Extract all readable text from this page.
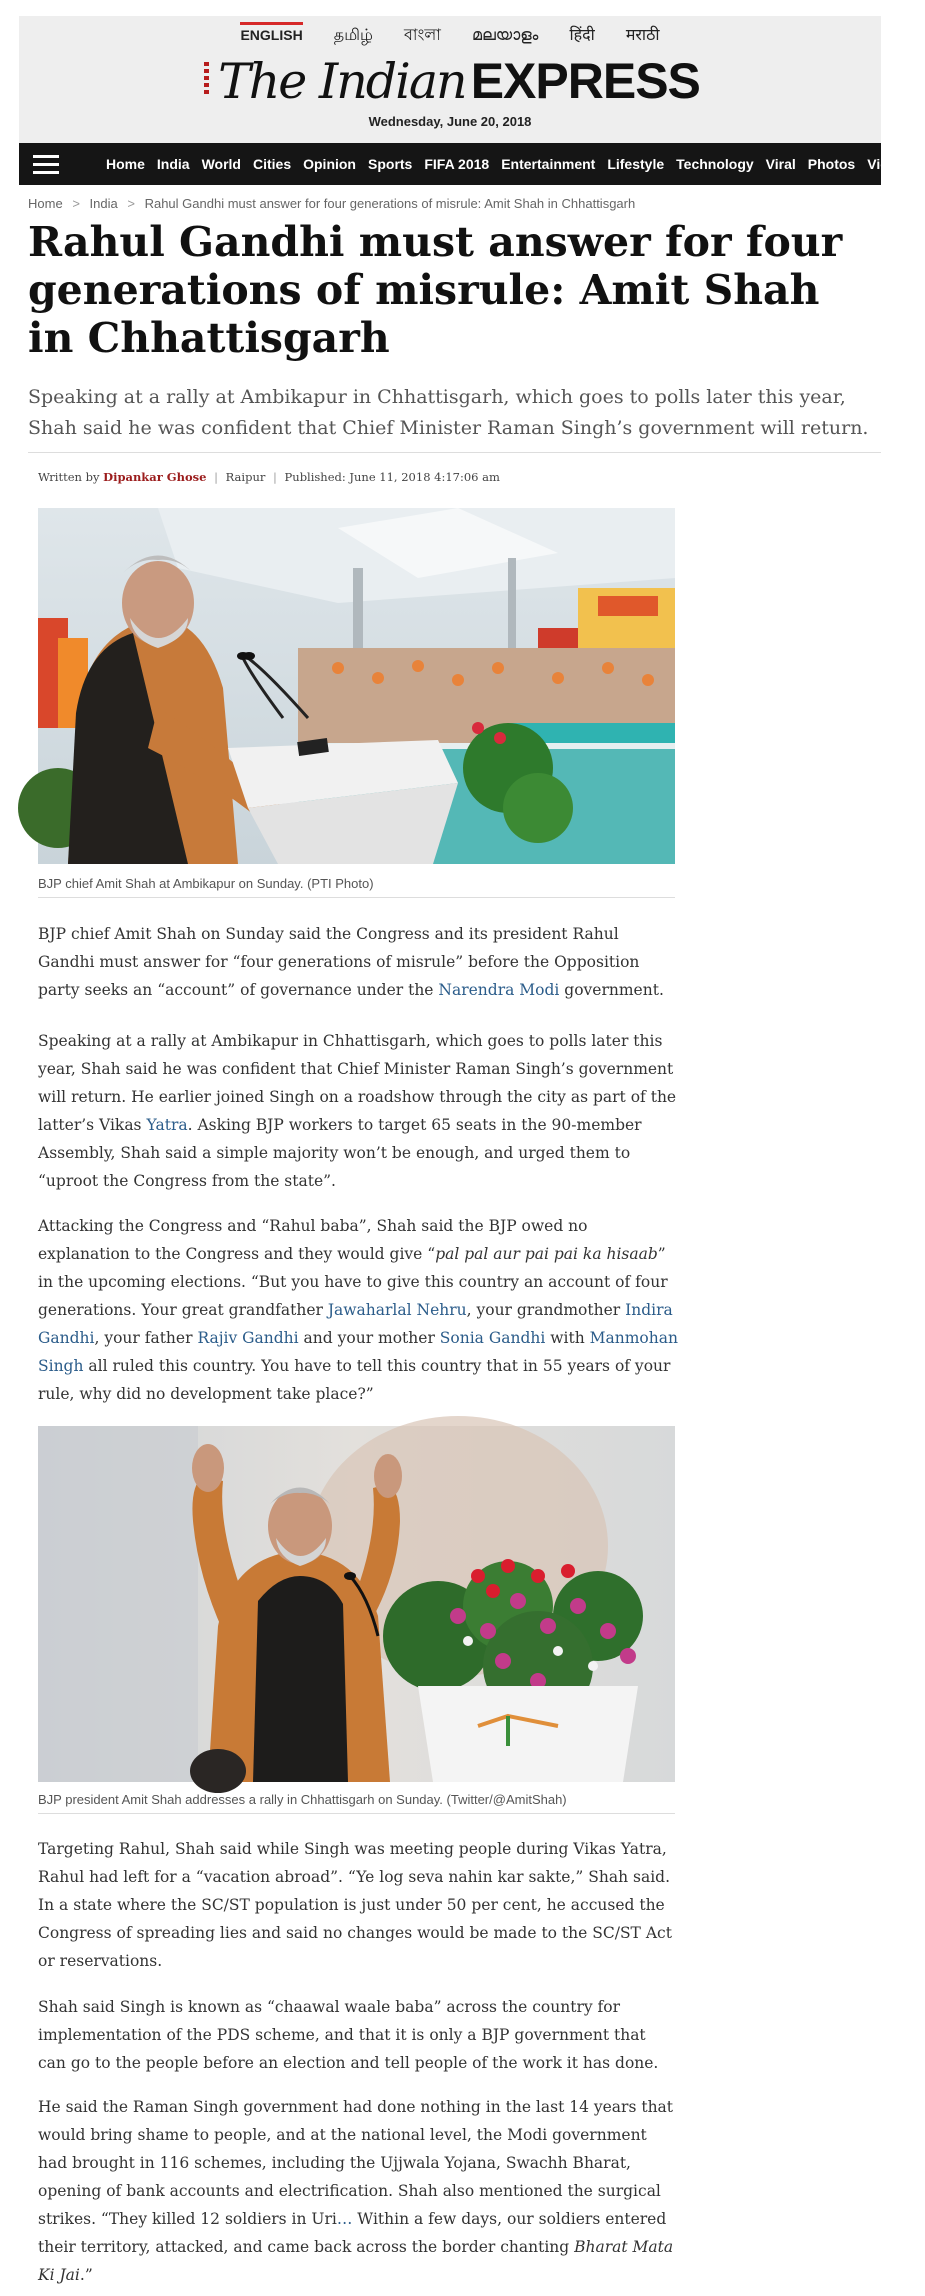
ENGLISH தமிழ் বাংলা മലയാളം हिंदी मराठी
The Indian EXPRESS
Wednesday, June 20, 2018
Home India World Cities Opinion Sports FIFA 2018 Entertainment Lifestyle Technology Viral Photos Videos
Home > India > Rahul Gandhi must answer for four generations of misrule: Amit Shah in Chhattisgarh
Rahul Gandhi must answer for four generations of misrule: Amit Shah in Chhattisgarh
Speaking at a rally at Ambikapur in Chhattisgarh, which goes to polls later this year, Shah said he was confident that Chief Minister Raman Singh’s government will return.
Written by Dipankar Ghose | Raipur | Published: June 11, 2018 4:17:06 am
BJP chief Amit Shah at Ambikapur on Sunday. (PTI Photo)

BJP chief Amit Shah on Sunday said the Congress and its president Rahul Gandhi must answer for “four generations of misrule” before the Opposition party seeks an “account” of governance under the Narendra Modi government.

Speaking at a rally at Ambikapur in Chhattisgarh, which goes to polls later this year, Shah said he was confident that Chief Minister Raman Singh’s government will return. He earlier joined Singh on a roadshow through the city as part of the latter’s Vikas Yatra. Asking BJP workers to target 65 seats in the 90-member Assembly, Shah said a simple majority won’t be enough, and urged them to “uproot the Congress from the state”.

Attacking the Congress and “Rahul baba”, Shah said the BJP owed no explanation to the Congress and they would give “pal pal aur pai pai ka hisaab” in the upcoming elections. “But you have to give this country an account of four generations. Your great grandfather Jawaharlal Nehru, your grandmother Indira Gandhi, your father Rajiv Gandhi and your mother Sonia Gandhi with Manmohan Singh all ruled this country. You have to tell this country that in 55 years of your rule, why did no development take place?”

BJP president Amit Shah addresses a rally in Chhattisgarh on Sunday. (Twitter/@AmitShah)

Targeting Rahul, Shah said while Singh was meeting people during Vikas Yatra, Rahul had left for a “vacation abroad”. “Ye log seva nahin kar sakte,” Shah said. In a state where the SC/ST population is just under 50 per cent, he accused the Congress of spreading lies and said no changes would be made to the SC/ST Act or reservations.

Shah said Singh is known as “chaawal waale baba” across the country for implementation of the PDS scheme, and that it is only a BJP government that can go to the people before an election and tell people of the work it has done.

He said the Raman Singh government had done nothing in the last 14 years that would bring shame to people, and at the national level, the Modi government had brought in 116 schemes, including the Ujjwala Yojana, Swachh Bharat, opening of bank accounts and electrification. Shah also mentioned the surgical strikes. “They killed 12 soldiers in Uri… Within a few days, our soldiers entered their territory, attacked, and came back across the border chanting Bharat Mata Ki Jai.”
